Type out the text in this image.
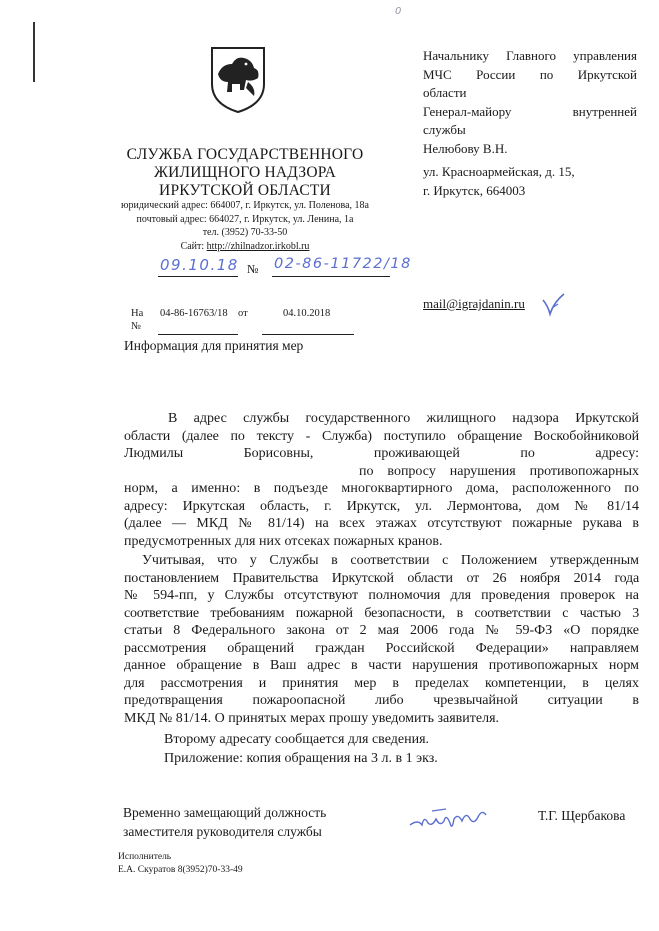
0
СЛУЖБА ГОСУДАРСТВЕННОГО
ЖИЛИЩНОГО НАДЗОРА
ИРКУТСКОЙ ОБЛАСТИ
юридический адрес: 664007, г. Иркутск, ул. Поленова, 18а
почтовый адрес: 664027, г. Иркутск, ул. Ленина, 1а
тел. (3952) 70-33-50
Сайт: http://zhilnadzor.irkobl.ru
09.10.18 № 02-86-11722/18
Начальнику Главного управления
МЧС России по Иркутской
области
Генерал-майору	внутренней
службы
Нелюбову В.Н.
ул. Красноармейская, д. 15,
г. Иркутск, 664003
mail@igrajdanin.ru
На
№
04-86-16763/18 от	04.10.2018
Информация для принятия мер
В адрес службы государственного жилищного надзора Иркутской
области (далее по тексту - Служба) поступило обращение Воскобойниковой
Людмилы Борисовны, проживающей по адресу:
по вопросу нарушения противопожарных
норм, а именно: в подъезде многоквартирного дома, расположенного по
адресу: Иркутская область, г. Иркутск, ул. Лермонтова, дом № 81/14
(далее — МКД № 81/14) на всех этажах отсутствуют пожарные рукава в
предусмотренных для них отсеках пожарных кранов.
Учитывая, что у Службы в соответствии с Положением утвержденным
постановлением Правительства Иркутской области от 26 ноября 2014 года
№ 594-пп, у Службы отсутствуют полномочия для проведения проверок на
соответствие требованиям пожарной безопасности, в соответствии с частью 3
статьи 8 Федерального закона от 2 мая 2006 года № 59-ФЗ «О порядке
рассмотрения обращений граждан Российской Федерации» направляем
данное обращение в Ваш адрес в части нарушения противопожарных норм
для рассмотрения и принятия мер в пределах компетенции, в целях
предотвращения пожароопасной либо чрезвычайной ситуации в
МКД № 81/14. О принятых мерах прошу уведомить заявителя.
Второму адресату сообщается для сведения.
Приложение: копия обращения на 3 л. в 1 экз.
Временно замещающий должность
заместителя руководителя службы
Т.Г. Щербакова
Исполнитель
Е.А. Скуратов 8(3952)70-33-49
